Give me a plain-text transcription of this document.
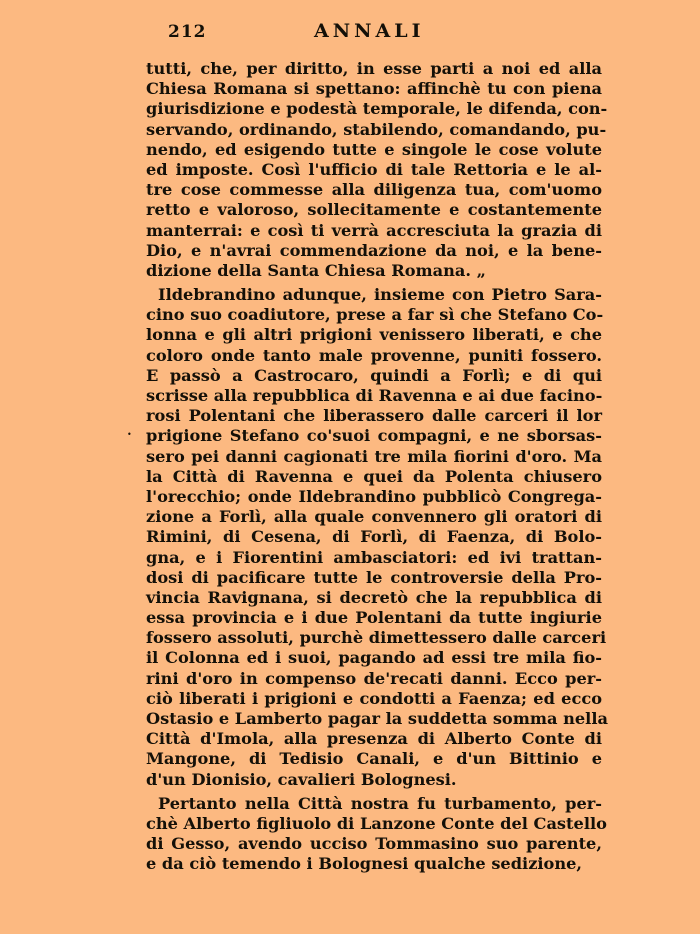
212	ANNALI
•
tutti, che, per diritto, in esse parti a noi ed alla
Chiesa Romana si spettano: affinchè tu con piena
giurisdizione e podestà temporale, le difenda, con-
servando, ordinando, stabilendo, comandando, pu-
nendo, ed esigendo tutte e singole le cose volute
ed imposte. Così l'ufficio di tale Rettoria e le al-
tre cose commesse alla diligenza tua, com'uomo
retto e valoroso, sollecitamente e costantemente
manterrai: e così ti verrà accresciuta la grazia di
Dio, e n'avrai commendazione da noi, e la bene-
dizione della Santa Chiesa Romana. „
Ildebrandino adunque, insieme con Pietro Sara-
cino suo coadiutore, prese a far sì che Stefano Co-
lonna e gli altri prigioni venissero liberati, e che
coloro onde tanto male provenne, puniti fossero.
E passò a Castrocaro, quindi a Forlì; e di qui
scrisse alla repubblica di Ravenna e ai due facino-
rosi Polentani che liberassero dalle carceri il lor
prigione Stefano co'suoi compagni, e ne sborsas-
sero pei danni cagionati tre mila fiorini d'oro. Ma
la Città di Ravenna e quei da Polenta chiusero
l'orecchio; onde Ildebrandino pubblicò Congrega-
zione a Forlì, alla quale convennero gli oratori di
Rimini, di Cesena, di Forlì, di Faenza, di Bolo-
gna, e i Fiorentini ambasciatori: ed ivi trattan-
dosi di pacificare tutte le controversie della Pro-
vincia Ravignana, si decretò che la repubblica di
essa provincia e i due Polentani da tutte ingiurie
fossero assoluti, purchè dimettessero dalle carceri
il Colonna ed i suoi, pagando ad essi tre mila fio-
rini d'oro in compenso de'recati danni. Ecco per-
ciò liberati i prigioni e condotti a Faenza; ed ecco
Ostasio e Lamberto pagar la suddetta somma nella
Città d'Imola, alla presenza di Alberto Conte di
Mangone, di Tedisio Canali, e d'un Bittinio e
d'un Dionisio, cavalieri Bolognesi.
Pertanto nella Città nostra fu turbamento, per-
chè Alberto figliuolo di Lanzone Conte del Castello
di Gesso, avendo ucciso Tommasino suo parente,
e da ciò temendo i Bolognesi qualche sedizione,
